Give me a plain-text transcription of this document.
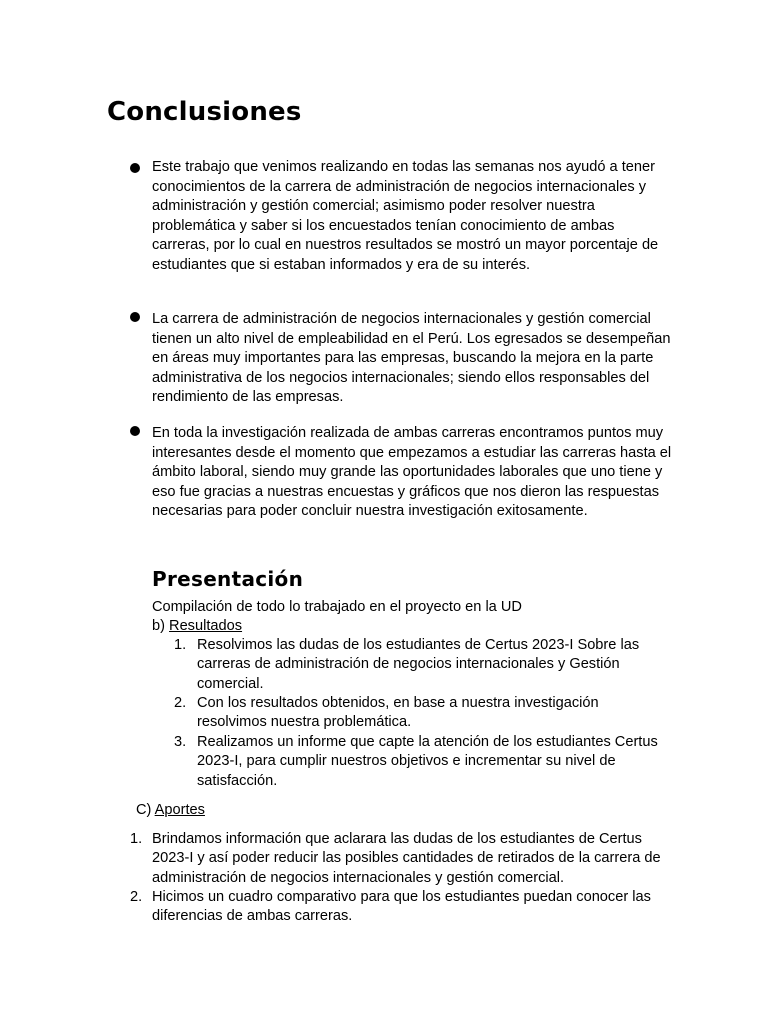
Conclusiones
Este trabajo que venimos realizando en todas las semanas nos ayudó a tener conocimientos de la carrera de administración de negocios internacionales y administración y gestión comercial; asimismo poder resolver nuestra problemática y saber si los encuestados tenían conocimiento de ambas carreras, por lo cual en nuestros resultados se mostró un mayor porcentaje de estudiantes que si estaban informados y era de su interés.
La carrera de administración de negocios internacionales y gestión comercial tienen un alto nivel de empleabilidad en el Perú. Los egresados se desempeñan en áreas muy importantes para las empresas, buscando la mejora en la parte administrativa de los negocios internacionales; siendo ellos responsables del rendimiento de las empresas.
En toda la investigación realizada de ambas carreras encontramos puntos muy interesantes desde el momento que empezamos a estudiar las carreras hasta el ámbito laboral, siendo muy grande las oportunidades laborales que uno tiene y eso fue gracias a nuestras encuestas y gráficos que nos dieron las respuestas necesarias para poder concluir nuestra investigación exitosamente.
Presentación
Compilación de todo lo trabajado en el proyecto en la UD
b) Resultados
1. Resolvimos las dudas de los estudiantes de Certus 2023-I Sobre las carreras de administración de negocios internacionales y Gestión comercial.
2. Con los resultados obtenidos, en base a nuestra investigación resolvimos nuestra problemática.
3. Realizamos un informe que capte la atención de los estudiantes Certus 2023-I, para cumplir nuestros objetivos e incrementar su nivel de satisfacción.
C) Aportes
1. Brindamos información que aclarara las dudas de los estudiantes de Certus 2023-I y así poder reducir las posibles cantidades de retirados de la carrera de administración de negocios internacionales y gestión comercial.
2. Hicimos un cuadro comparativo para que los estudiantes puedan conocer las diferencias de ambas carreras.
